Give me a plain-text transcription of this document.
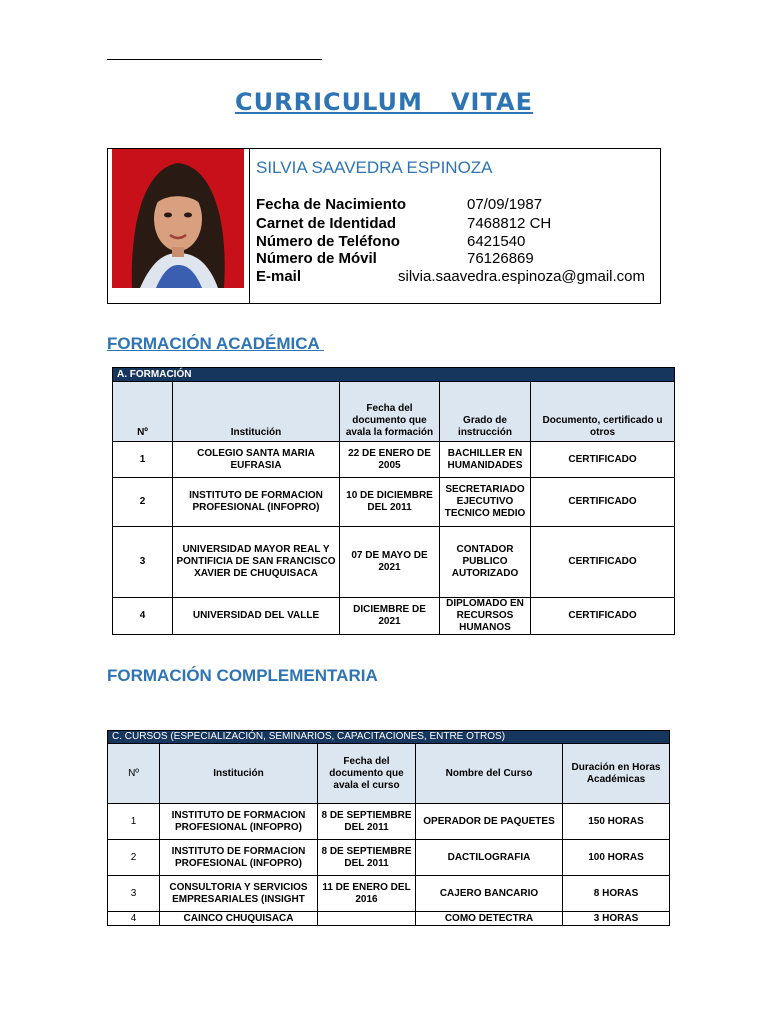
CURRICULUM   VITAE
SILVIA SAAVEDRA ESPINOZA
Fecha de Nacimiento	07/09/1987
Carnet de Identidad	7468812 CH
Número de Teléfono	6421540
Número de Móvil	76126869
E-mail	silvia.saavedra.espinoza@gmail.com
FORMACIÓN ACADÉMICA
A. FORMACIÓN				
Nº	Institución	Fecha del documento que avala la formación	Grado de instrucción	Documento, certificado u otros
1	COLEGIO SANTA MARIA EUFRASIA	22 DE ENERO DE 2005	BACHILLER EN HUMANIDADES	CERTIFICADO
2	INSTITUTO DE FORMACION PROFESIONAL (INFOPRO)	10 DE DICIEMBRE DEL 2011	SECRETARIADO EJECUTIVO TECNICO MEDIO	CERTIFICADO
3	UNIVERSIDAD MAYOR REAL Y PONTIFICIA DE SAN FRANCISCO XAVIER DE CHUQUISACA	07 DE MAYO DE 2021	CONTADOR PUBLICO AUTORIZADO	CERTIFICADO
4	UNIVERSIDAD DEL VALLE	DICIEMBRE DE 2021	DIPLOMADO EN RECURSOS HUMANOS	CERTIFICADO
FORMACIÓN COMPLEMENTARIA
C. CURSOS (ESPECIALIZACIÓN, SEMINARIOS, CAPACITACIONES, ENTRE OTROS)				
Nº	Institución	Fecha del documento que avala el curso	Nombre del Curso	Duración en Horas Académicas
1	INSTITUTO DE FORMACION PROFESIONAL (INFOPRO)	8 DE SEPTIEMBRE DEL 2011	OPERADOR DE PAQUETES	150 HORAS
2	INSTITUTO DE FORMACION PROFESIONAL (INFOPRO)	8 DE SEPTIEMBRE DEL 2011	DACTILOGRAFIA	100 HORAS
3	CONSULTORIA Y SERVICIOS EMPRESARIALES (INSIGHT	11 DE ENERO DEL 2016	CAJERO BANCARIO	8 HORAS
4	CAINCO CHUQUISACA		COMO DETECTRA	3 HORAS
